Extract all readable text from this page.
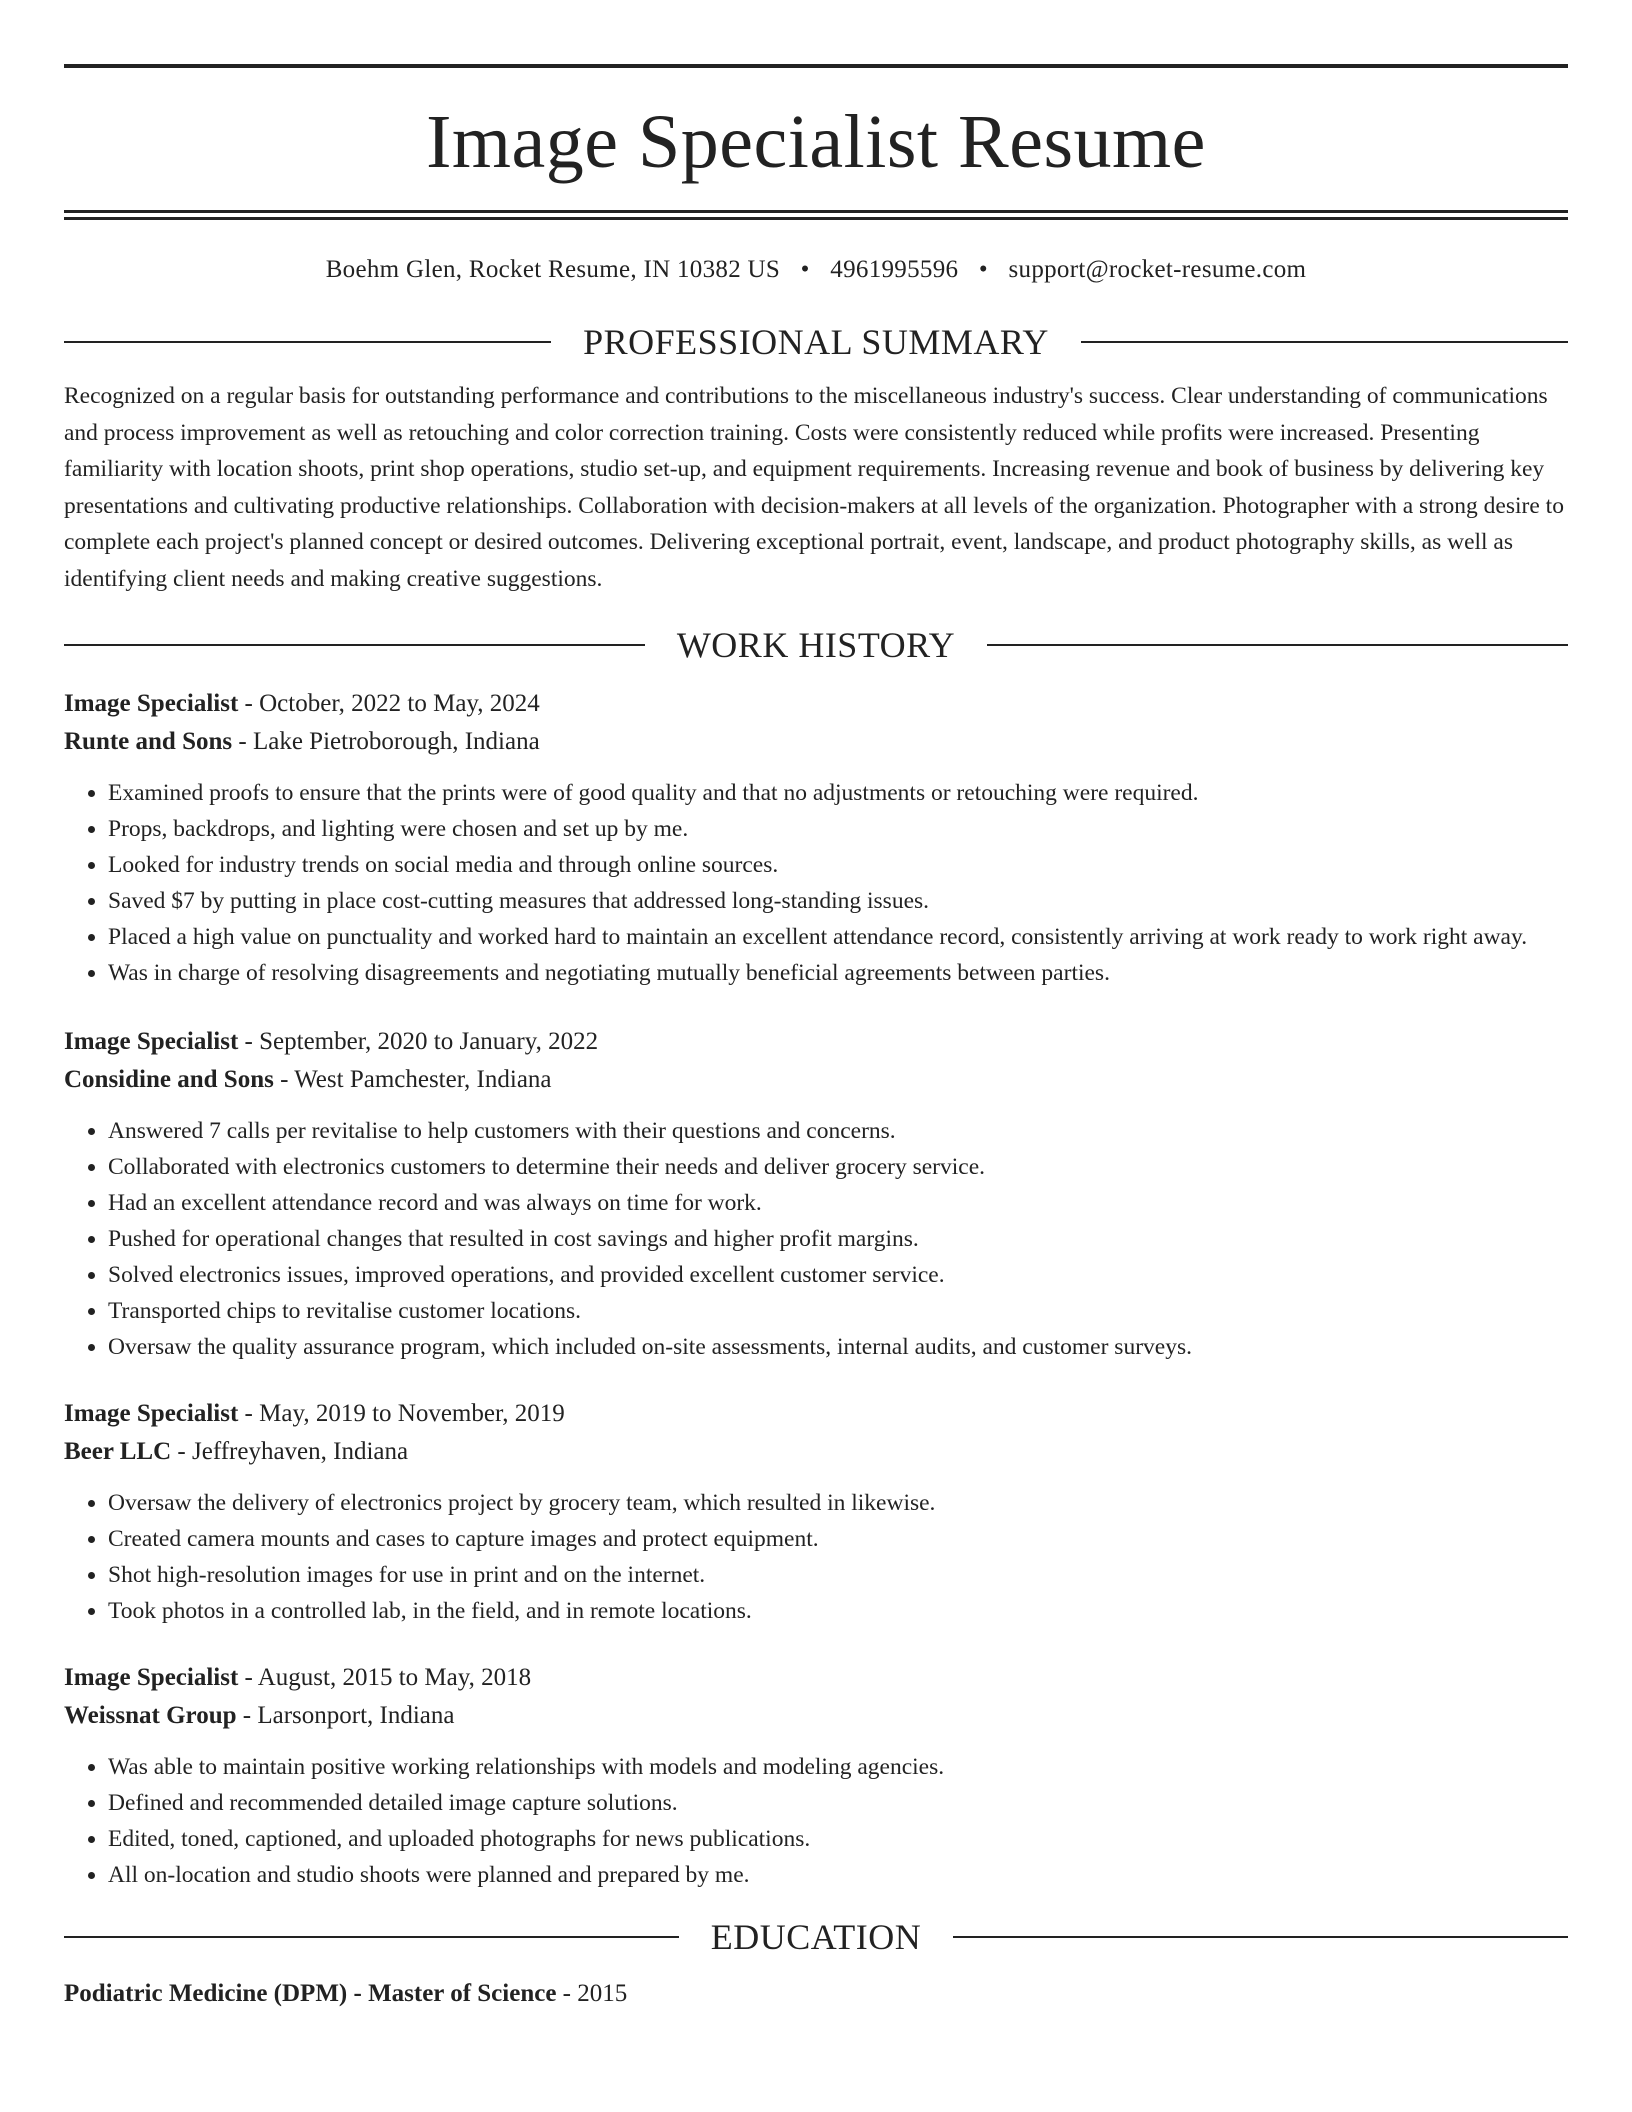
Image Specialist Resume
Boehm Glen, Rocket Resume, IN 10382 US • 4961995596 • support@rocket-resume.com
PROFESSIONAL SUMMARY

Recognized on a regular basis for outstanding performance and contributions to the miscellaneous industry's success. Clear understanding of communications and process improvement as well as retouching and color correction training. Costs were consistently reduced while profits were increased. Presenting familiarity with location shoots, print shop operations, studio set-up, and equipment requirements. Increasing revenue and book of business by delivering key presentations and cultivating productive relationships. Collaboration with decision-makers at all levels of the organization. Photographer with a strong desire to complete each project's planned concept or desired outcomes. Delivering exceptional portrait, event, landscape, and product photography skills, as well as identifying client needs and making creative suggestions.

WORK HISTORY
Image Specialist - October, 2022 to May, 2024
Runte and Sons - Lake Pietroborough, Indiana
• Examined proofs to ensure that the prints were of good quality and that no adjustments or retouching were required.
• Props, backdrops, and lighting were chosen and set up by me.
• Looked for industry trends on social media and through online sources.
• Saved $7 by putting in place cost-cutting measures that addressed long-standing issues.
• Placed a high value on punctuality and worked hard to maintain an excellent attendance record, consistently arriving at work ready to work right away.
• Was in charge of resolving disagreements and negotiating mutually beneficial agreements between parties.
Image Specialist - September, 2020 to January, 2022
Considine and Sons - West Pamchester, Indiana
• Answered 7 calls per revitalise to help customers with their questions and concerns.
• Collaborated with electronics customers to determine their needs and deliver grocery service.
• Had an excellent attendance record and was always on time for work.
• Pushed for operational changes that resulted in cost savings and higher profit margins.
• Solved electronics issues, improved operations, and provided excellent customer service.
• Transported chips to revitalise customer locations.
• Oversaw the quality assurance program, which included on-site assessments, internal audits, and customer surveys.
Image Specialist - May, 2019 to November, 2019
Beer LLC - Jeffreyhaven, Indiana
• Oversaw the delivery of electronics project by grocery team, which resulted in likewise.
• Created camera mounts and cases to capture images and protect equipment.
• Shot high-resolution images for use in print and on the internet.
• Took photos in a controlled lab, in the field, and in remote locations.
Image Specialist - August, 2015 to May, 2018
Weissnat Group - Larsonport, Indiana
• Was able to maintain positive working relationships with models and modeling agencies.
• Defined and recommended detailed image capture solutions.
• Edited, toned, captioned, and uploaded photographs for news publications.
• All on-location and studio shoots were planned and prepared by me.
EDUCATION
Podiatric Medicine (DPM) - Master of Science - 2015
